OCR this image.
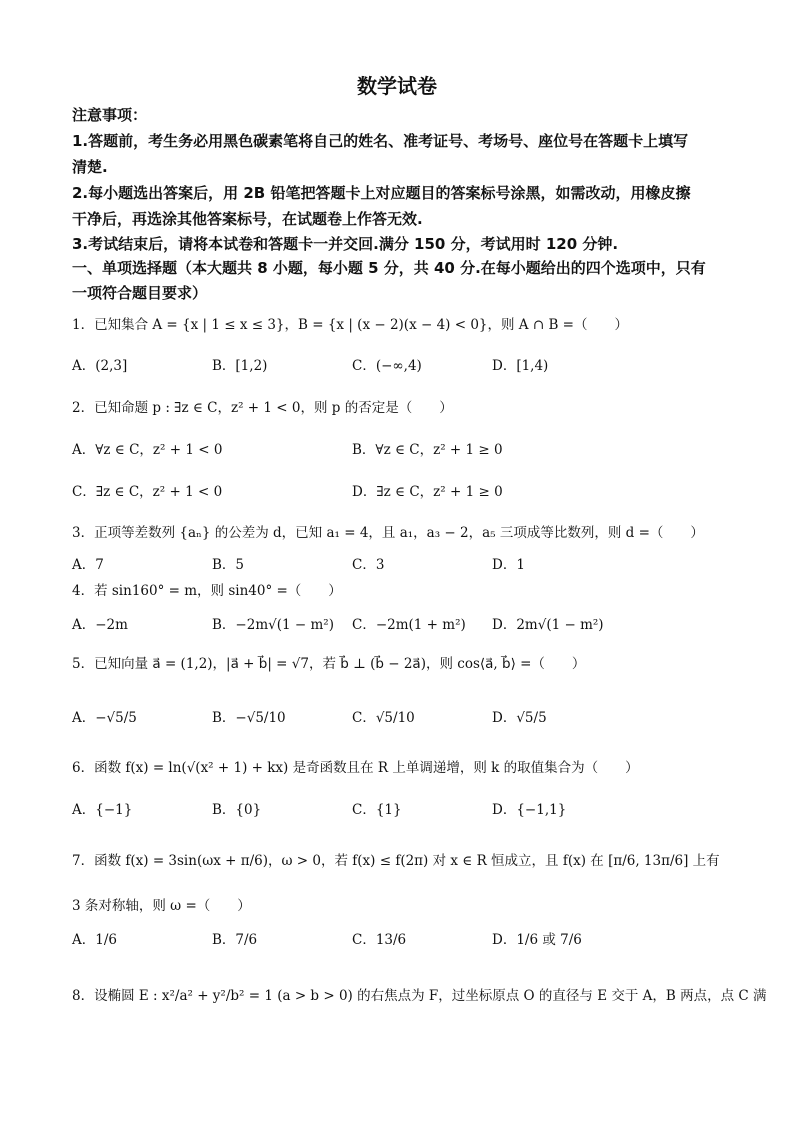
数学试卷
注意事项：
1.答题前，考生务必用黑色碳素笔将自己的姓名、准考证号、考场号、座位号在答题卡上填写
清楚.
2.每小题选出答案后，用 2B 铅笔把答题卡上对应题目的答案标号涂黑，如需改动，用橡皮擦
干净后，再选涂其他答案标号，在试题卷上作答无效.
3.考试结束后，请将本试卷和答题卡一并交回.满分 150 分，考试用时 120 分钟.
一、单项选择题（本大题共 8 小题，每小题 5 分，共 40 分.在每小题给出的四个选项中，只有
一项符合题目要求）
1．已知集合 A = {x | 1 ≤ x ≤ 3}，B = {x | (x − 2)(x − 4) < 0}，则 A ∩ B =（　　）
A．(2,3]	B．[1,2)	C．(−∞,4)	D．[1,4)
2．已知命题 p : ∃z ∈ C，z² + 1 < 0，则 p 的否定是（　　）
A．∀z ∈ C，z² + 1 < 0	B．∀z ∈ C，z² + 1 ≥ 0
C．∃z ∈ C，z² + 1 < 0	D．∃z ∈ C，z² + 1 ≥ 0
3．正项等差数列 {aₙ} 的公差为 d，已知 a₁ = 4，且 a₁，a₃ − 2，a₅ 三项成等比数列，则 d =（　　）
A．7	B．5	C．3	D．1
4．若 sin160° = m，则 sin40° =（　　）
A．−2m	B．−2m√(1 − m²) C．−2m(1 + m²) D．2m√(1 − m²)
5．已知向量 a⃗ = (1,2)，|a⃗ + b⃗| = √7，若 b⃗ ⊥ (b⃗ − 2a⃗)，则 cos⟨a⃗, b⃗⟩ =（　　）
A．−√5/5	B．−√5/10	C．√5/10	D．√5/5
6．函数 f(x) = ln(√(x² + 1) + kx) 是奇函数且在 R 上单调递增，则 k 的取值集合为（　　）
A．{−1}	B．{0}	C．{1}	D．{−1,1}
7．函数 f(x) = 3sin(ωx + π/6)，ω > 0，若 f(x) ≤ f(2π) 对 x ∈ R 恒成立，且 f(x) 在 [π/6, 13π/6] 上有
3 条对称轴，则 ω =（　　）
A．1/6	B．7/6	C．13/6	D．1/6 或 7/6
8．设椭圆 E : x²/a² + y²/b² = 1 (a > b > 0) 的右焦点为 F，过坐标原点 O 的直径与 E 交于 A，B 两点，点 C 满
